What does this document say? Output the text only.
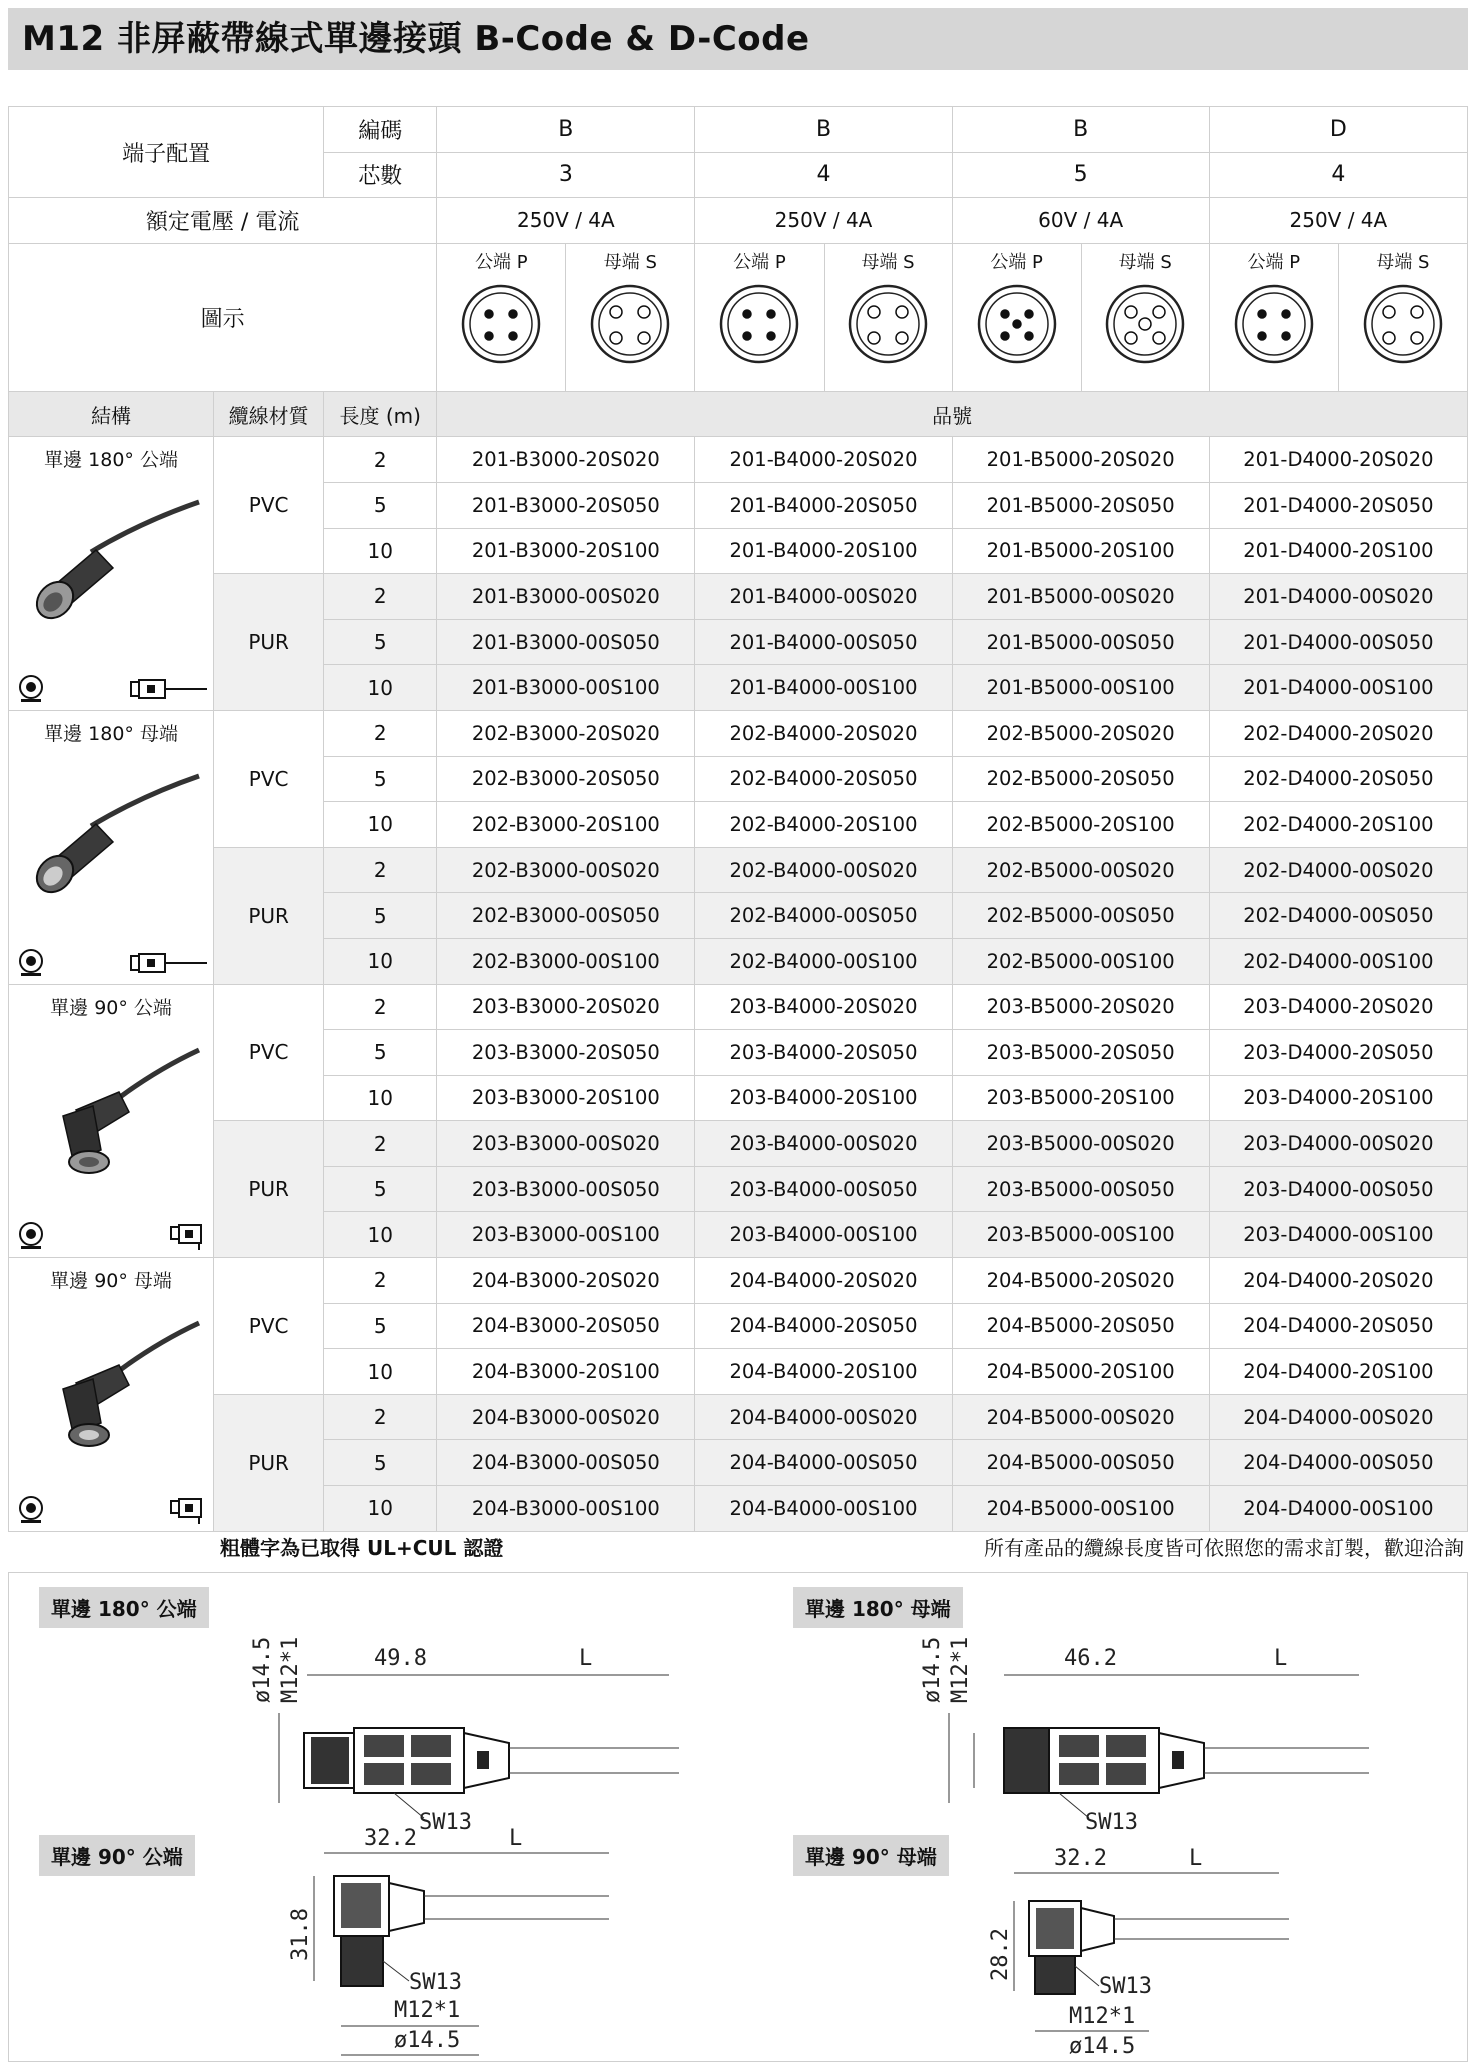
M12 非屏蔽帶線式單邊接頭 B-Code & D-Code
端子配置		編碼	B		B		B		D	
		芯數	3		4		5		4	
額定電壓 / 電流			250V / 4A		250V / 4A		60V / 4A		250V / 4A	
圖示			公端 P	母端 S	公端 P	母端 S	公端 P	母端 S	公端 P	母端 S

結構	纜線材質	長度 (m)	品號							

單邊 180° 公端	PVC	2	201-B3000-20S020		201-B4000-20S020		201-B5000-20S020		201-D4000-20S020	
		5	201-B3000-20S050		201-B4000-20S050		201-B5000-20S050		201-D4000-20S050	
		10	201-B3000-20S100		201-B4000-20S100		201-B5000-20S100		201-D4000-20S100	
	PUR	2	201-B3000-00S020		201-B4000-00S020		201-B5000-00S020		201-D4000-00S020	
		5	201-B3000-00S050		201-B4000-00S050		201-B5000-00S050		201-D4000-00S050	
		10	201-B3000-00S100		201-B4000-00S100		201-B5000-00S100		201-D4000-00S100	

單邊 180° 母端	PVC	2	202-B3000-20S020		202-B4000-20S020		202-B5000-20S020		202-D4000-20S020	
		5	202-B3000-20S050		202-B4000-20S050		202-B5000-20S050		202-D4000-20S050	
		10	202-B3000-20S100		202-B4000-20S100		202-B5000-20S100		202-D4000-20S100	
	PUR	2	202-B3000-00S020		202-B4000-00S020		202-B5000-00S020		202-D4000-00S020	
		5	202-B3000-00S050		202-B4000-00S050		202-B5000-00S050		202-D4000-00S050	
		10	202-B3000-00S100		202-B4000-00S100		202-B5000-00S100		202-D4000-00S100	

單邊 90° 公端	PVC	2	203-B3000-20S020		203-B4000-20S020		203-B5000-20S020		203-D4000-20S020	
		5	203-B3000-20S050		203-B4000-20S050		203-B5000-20S050		203-D4000-20S050	
		10	203-B3000-20S100		203-B4000-20S100		203-B5000-20S100		203-D4000-20S100	
	PUR	2	203-B3000-00S020		203-B4000-00S020		203-B5000-00S020		203-D4000-00S020	
		5	203-B3000-00S050		203-B4000-00S050		203-B5000-00S050		203-D4000-00S050	
		10	203-B3000-00S100		203-B4000-00S100		203-B5000-00S100		203-D4000-00S100	

單邊 90° 母端	PVC	2	204-B3000-20S020		204-B4000-20S020		204-B5000-20S020		204-D4000-20S020	
		5	204-B3000-20S050		204-B4000-20S050		204-B5000-20S050		204-D4000-20S050	
		10	204-B3000-20S100		204-B4000-20S100		204-B5000-20S100		204-D4000-20S100	
	PUR	2	204-B3000-00S020		204-B4000-00S020		204-B5000-00S020		204-D4000-00S020	
		5	204-B3000-00S050		204-B4000-00S050		204-B5000-00S050		204-D4000-00S050	
		10	204-B3000-00S100		204-B4000-00S100		204-B5000-00S100		204-D4000-00S100	
粗體字為已取得 UL+CUL 認證	所有產品的纜線長度皆可依照您的需求訂製，歡迎洽詢
單邊 180° 公端	單邊 180° 母端
單邊 90° 公端	單邊 90° 母端
ø14.5 M12*1	49.8	L
SW13
ø14.5 M12*1	46.2	L
SW13
32.2	L
31.8
SW13
M12*1
ø14.5
32.2	L
28.2
SW13
M12*1
ø14.5
